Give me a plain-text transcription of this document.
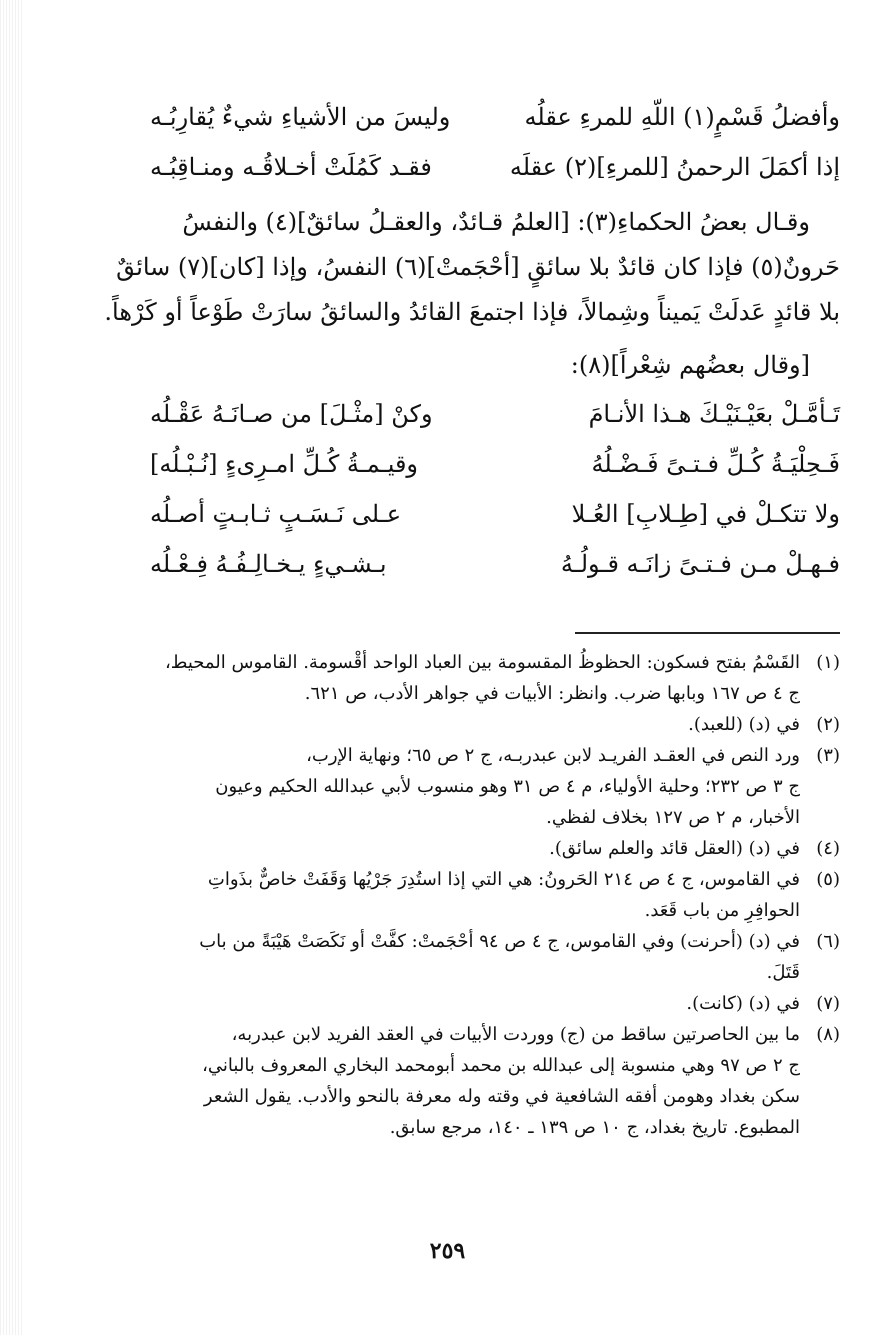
وأفضلُ قَسْمٍ(١) اللّهِ للمرءِ عقلُه
وليسَ من الأشياءِ شيءٌ يُقارِبُـه
إذا أكمَلَ الرحمنُ [للمرءِ](٢) عقلَه
فقـد كَمُلَتْ أخـلاقُـه ومنـاقِبُـه
وقـال بعضُ الحكماءِ(٣): [العلمُ قـائدٌ، والعقـلُ سائقٌ](٤) والنفسُ
حَرونٌ(٥) فإذا كان قائدٌ بلا سائقٍ [أحْجَمتْ](٦) النفسُ، وإذا [كان](٧) سائقٌ
بلا قائدٍ عَدلَتْ يَميناً وشِمالاً، فإذا اجتمعَ القائدُ والسائقُ سارَتْ طَوْعاً أو كَرْهاً.
[وقال بعضُهم شِعْراً](٨):
تَـأمَّـلْ بعَيْـنَيْـكَ هـذا الأنـامَ
وكنْ [مثْـلَ] من صـانَـهُ عَقْـلُه
فَـحِلْيَـةُ كُـلِّ فـتـىً فَـضْـلُهُ
وقيـمـةُ كُـلِّ امـرِىءٍ [نُـبْـلُه]
ولا تتكـلْ في [طِـلابِ] العُـلا
عـلى نَـسَـبٍ ثـابـتٍ أصـلُه
فـهـلْ مـن فـتـىً زانَـه قـولُـهُ
بـشـيءٍ يـخـالِـفُـهُ فِـعْـلُه
(١)
القَسْمُ بفتح فسكون: الحظوظُ المقسومة بين العباد الواحد أقْسومة. القاموس المحيط،
ج ٤ ص ١٦٧ وبابها ضرب. وانظر: الأبيات في جواهر الأدب، ص ٦٢١.
(٢)
في (د) (للعبد).
(٣)
ورد النص في العقـد الفريـد لابن عبدربـه، ج ٢ ص ٦٥؛ ونهاية الإرب،
ج ٣ ص ٢٣٢؛ وحلية الأولياء، م ٤ ص ٣١ وهو منسوب لأبي عبدالله الحكيم وعيون
الأخبار، م ٢ ص ١٢٧ بخلاف لفظي.
(٤)
في (د) (العقل قائد والعلم سائق).
(٥)
في القاموس، ج ٤ ص ٢١٤ الحَرونُ: هي التي إذا استُدِرَ جَرْيُها وَقَفَتْ خاصٌّ بذَواتِ
الحوافِرِ من باب قَعَد.
(٦)
في (د) (أحرنت) وفي القاموس، ج ٤ ص ٩٤ أحْجَمتْ: كفَّتْ أو نَكَصَتْ هَيْبَةً من باب
قَتَلَ.
(٧)
في (د) (كانت).
(٨)
ما بين الحاصرتين ساقط من (ج) ووردت الأبيات في العقد الفريد لابن عبدربه،
ج ٢ ص ٩٧ وهي منسوبة إلى عبدالله بن محمد أبومحمد البخاري المعروف بالباني،
سكن بغداد وهومن أفقه الشافعية في وقته وله معرفة بالنحو والأدب. يقول الشعر
المطبوع. تاريخ بغداد، ج ١٠ ص ١٣٩ ـ ١٤٠، مرجع سابق.
٢٥٩
